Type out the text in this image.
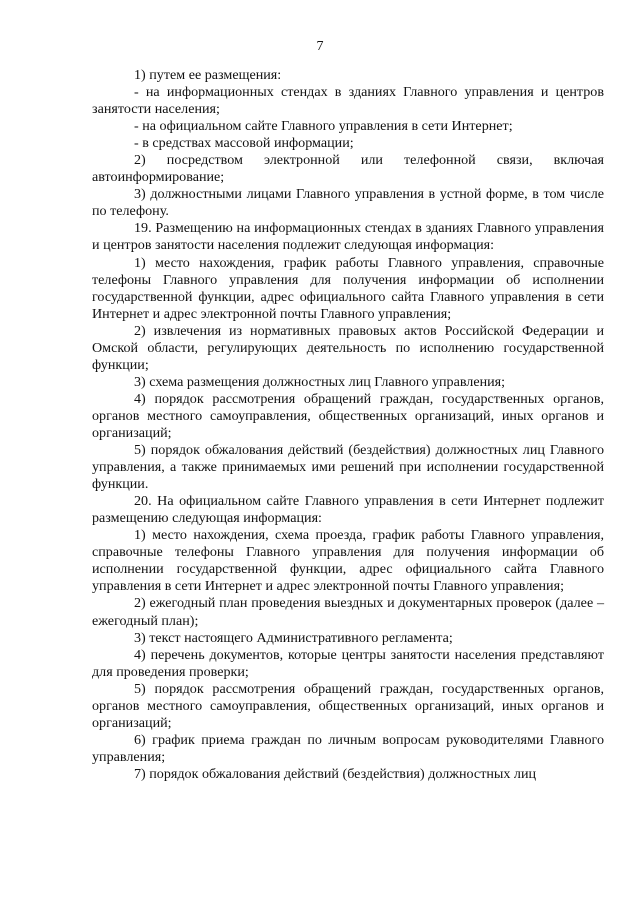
7

1) путем ее размещения:

- на информационных стендах в зданиях Главного управления и центров занятости населения;

- на официальном сайте Главного управления в сети Интернет;

- в средствах массовой информации;

2) посредством электронной или телефонной связи, включая автоинформирование;

3) должностными лицами Главного управления в устной форме, в том числе по телефону.

19. Размещению на информационных стендах в зданиях Главного управления и центров занятости населения подлежит следующая информация:

1) место нахождения, график работы Главного управления, справочные телефоны Главного управления для получения информации об исполнении государственной функции, адрес официального сайта Главного управления в сети Интернет и адрес электронной почты Главного управления;

2) извлечения из нормативных правовых актов Российской Федерации и Омской области, регулирующих деятельность по исполнению государственной функции;

3) схема размещения должностных лиц Главного управления;

4) порядок рассмотрения обращений граждан, государственных органов, органов местного самоуправления, общественных организаций, иных органов и организаций;

5) порядок обжалования действий (бездействия) должностных лиц Главного управления, а также принимаемых ими решений при исполнении государственной функции.

20. На официальном сайте Главного управления в сети Интернет подлежит размещению следующая информация:

1) место нахождения, схема проезда, график работы Главного управления, справочные телефоны Главного управления для получения информации об исполнении государственной функции, адрес официального сайта Главного управления в сети Интернет и адрес электронной почты Главного управления;

2) ежегодный план проведения выездных и документарных проверок (далее – ежегодный план);

3) текст настоящего Административного регламента;

4) перечень документов, которые центры занятости населения представляют для проведения проверки;

5) порядок рассмотрения обращений граждан, государственных органов, органов местного самоуправления, общественных организаций, иных органов и организаций;

6) график приема граждан по личным вопросам руководителями Главного управления;

7) порядок обжалования действий (бездействия) должностных лиц
